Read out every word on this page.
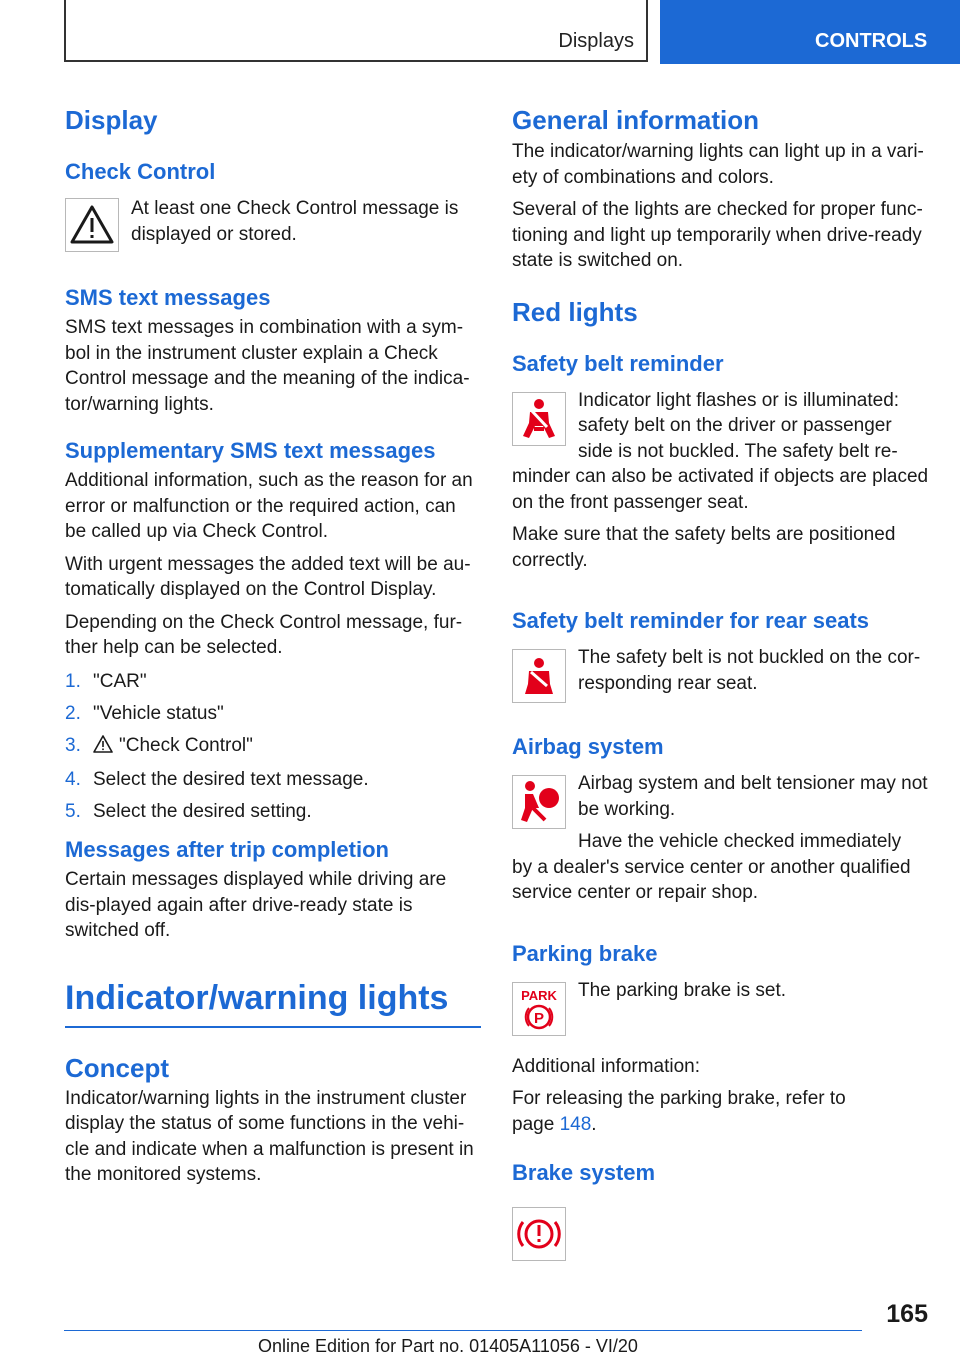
Displays	CONTROLS
Display
Check Control

At least one Check Control message is displayed or stored.

SMS text messages

SMS text messages in combination with a sym-bol in the instrument cluster explain a Check Control message and the meaning of the indica-tor/warning lights.

Supplementary SMS text messages

Additional information, such as the reason for an error or malfunction or the required action, can be called up via Check Control.

With urgent messages the added text will be au-tomatically displayed on the Control Display.

Depending on the Check Control message, fur-ther help can be selected.

1. "CAR"
2. "Vehicle status"
3. "Check Control"
4. Select the desired text message.
5. Select the desired setting.
Messages after trip completion

Certain messages displayed while driving are dis-played again after drive-ready state is switched off.

Indicator/warning lights
Concept

Indicator/warning lights in the instrument cluster display the status of some functions in the vehi-cle and indicate when a malfunction is present in the monitored systems.

General information

The indicator/warning lights can light up in a vari-ety of combinations and colors.

Several of the lights are checked for proper func-tioning and light up temporarily when drive-ready state is switched on.

Red lights
Safety belt reminder

Indicator light flashes or is illuminated: safety belt on the driver or passenger side is not buckled. The safety belt re-minder can also be activated if objects are placed on the front passenger seat.

Make sure that the safety belts are positioned correctly.

Safety belt reminder for rear seats

The safety belt is not buckled on the cor-responding rear seat.

Airbag system

Airbag system and belt tensioner may not be working.

Have the vehicle checked immediately

by a dealer's service center or another qualified service center or repair shop.

Parking brake
PARK
P

The parking brake is set.

Additional information:

For releasing the parking brake, refer to page 148.

Brake system
165
Online Edition for Part no. 01405A11056 - VI/20
